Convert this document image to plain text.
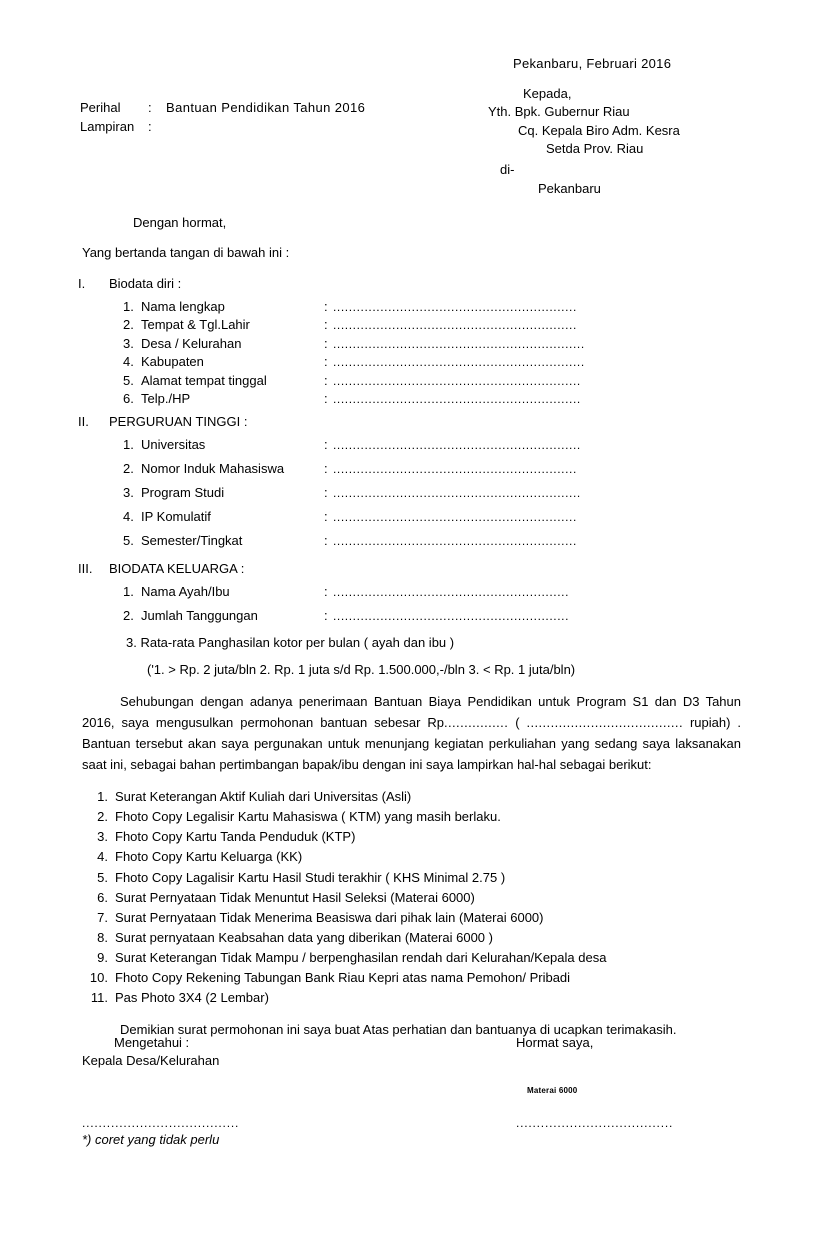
Pekanbaru, Februari 2016
Kepada,
Yth. Bpk. Gubernur Riau
Cq. Kepala Biro Adm. Kesra
Setda Prov. Riau
di-
Pekanbaru
Perihal	:	Bantuan Pendidikan Tahun 2016
Lampiran	:
Dengan hormat,
Yang bertanda tangan di bawah ini :
I.	Biodata diri :
1. Nama lengkap	: ..............................................................
2. Tempat & Tgl.Lahir	: ..............................................................
3. Desa / Kelurahan	: ................................................................
4. Kabupaten	: ................................................................
5. Alamat tempat tinggal	: ...............................................................
6. Telp./HP	: ...............................................................
II.	PERGURUAN TINGGI :
1. Universitas	: ...............................................................
2. Nomor Induk Mahasiswa	: ..............................................................
3. Program Studi	: ...............................................................
4. IP Komulatif	: ..............................................................
5. Semester/Tingkat	: ..............................................................
III.	BIODATA KELUARGA :
1. Nama Ayah/Ibu	: ............................................................
2. Jumlah Tanggungan	: ............................................................
3. Rata-rata Panghasilan kotor per bulan ( ayah dan ibu )
('1. > Rp. 2 juta/bln 2. Rp. 1 juta s/d Rp. 1.500.000,-/bln 3. < Rp. 1 juta/bln)
Sehubungan dengan adanya penerimaan Bantuan Biaya Pendidikan untuk Program S1 dan D3 Tahun 2016, saya mengusulkan permohonan bantuan sebesar Rp................ ( ....................................... rupiah) . Bantuan tersebut akan saya pergunakan untuk menunjang kegiatan perkuliahan yang sedang saya laksanakan saat ini, sebagai bahan pertimbangan bapak/ibu dengan ini saya lampirkan hal-hal sebagai berikut:
1. Surat Keterangan Aktif Kuliah dari Universitas (Asli)
2. Fhoto Copy Legalisir Kartu Mahasiswa ( KTM) yang masih berlaku.
3. Fhoto Copy Kartu Tanda Penduduk (KTP)
4. Fhoto Copy Kartu Keluarga (KK)
5. Fhoto Copy Lagalisir Kartu Hasil Studi terakhir ( KHS Minimal 2.75 )
6. Surat Pernyataan Tidak Menuntut Hasil Seleksi (Materai 6000)
7. Surat Pernyataan Tidak Menerima Beasiswa dari pihak lain (Materai 6000)
8. Surat pernyataan Keabsahan data yang diberikan (Materai 6000 )
9. Surat Keterangan Tidak Mampu / berpenghasilan rendah dari Kelurahan/Kepala desa
10. Fhoto Copy Rekening Tabungan Bank Riau Kepri atas nama Pemohon/ Pribadi
11. Pas Photo 3X4 (2 Lembar)
Demikian surat permohonan ini saya buat Atas perhatian dan bantuanya di ucapkan terimakasih.
Mengetahui :
Kepala Desa/Kelurahan
Hormat saya,
Materai 6000
......................................	......................................
*) coret yang tidak perlu
